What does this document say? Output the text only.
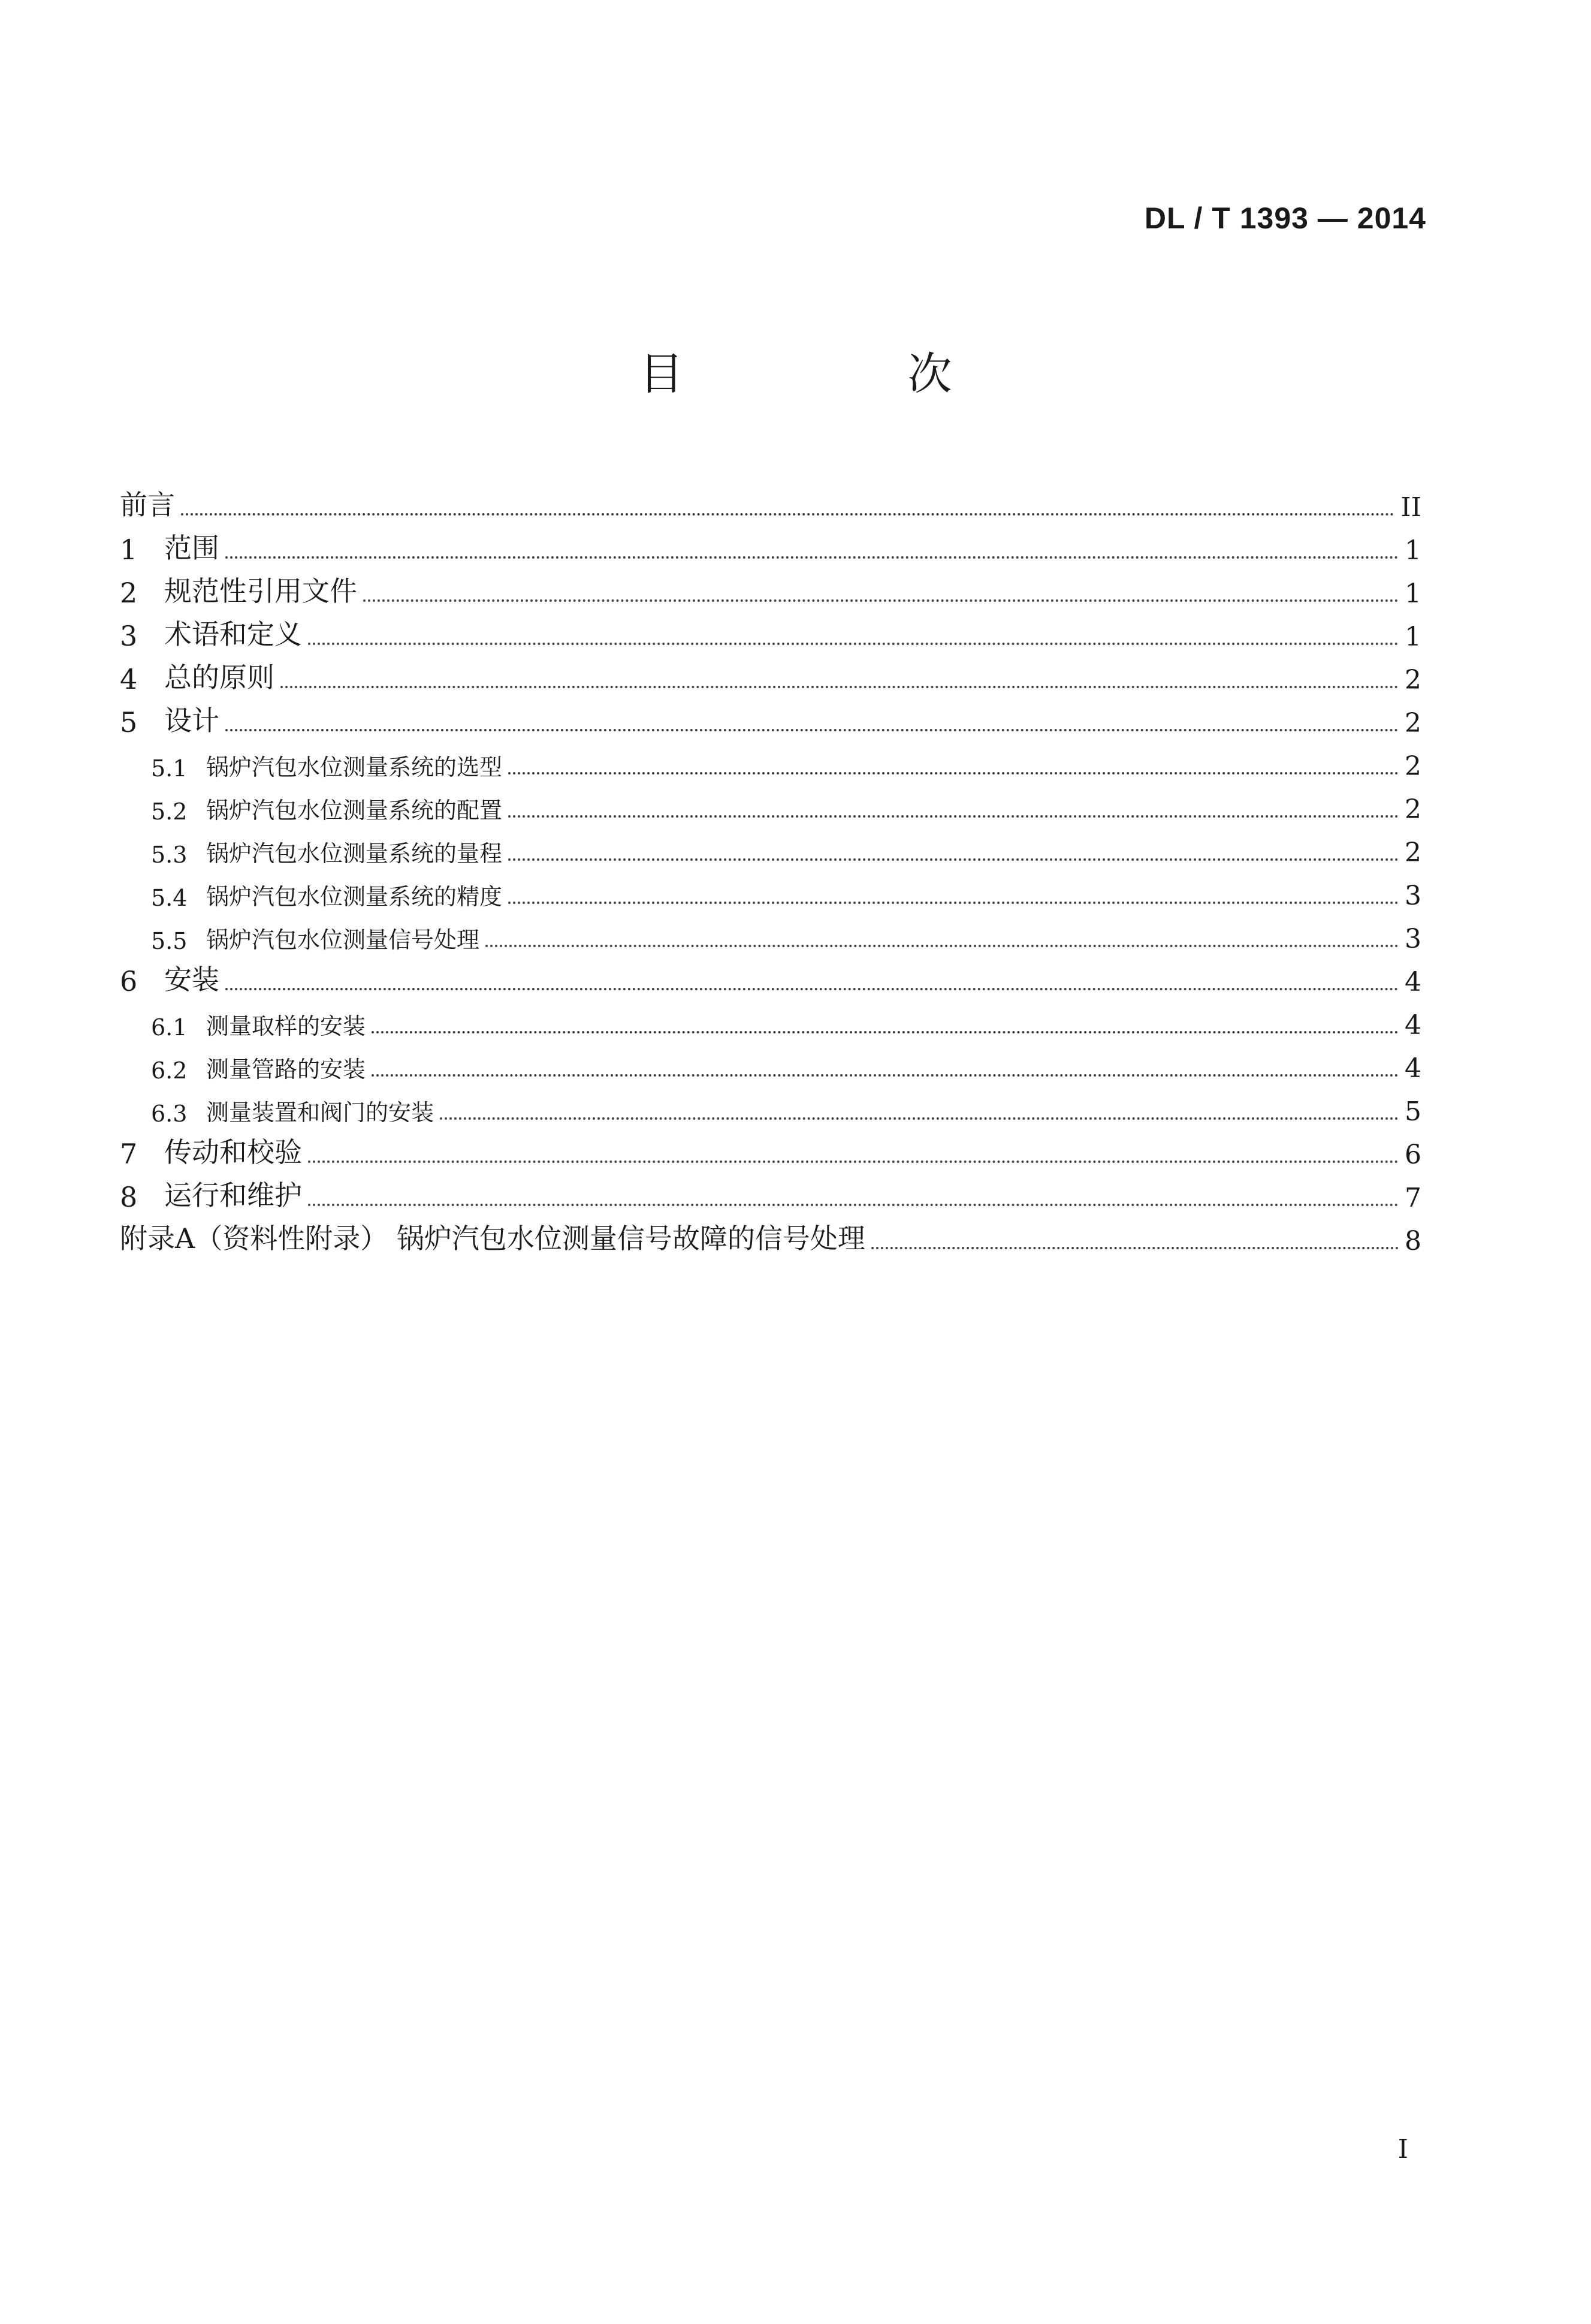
DL / T 1393 — 2014
目　次
前言	II
1 范围	1
2 规范性引用文件	1
3 术语和定义	1
4 总的原则	2
5 设计	2
5.1 锅炉汽包水位测量系统的选型	2
5.2 锅炉汽包水位测量系统的配置	2
5.3 锅炉汽包水位测量系统的量程	2
5.4 锅炉汽包水位测量系统的精度	3
5.5 锅炉汽包水位测量信号处理	3
6 安装	4
6.1 测量取样的安装	4
6.2 测量管路的安装	4
6.3 测量装置和阀门的安装	5
7 传动和校验	6
8 运行和维护	7
附录A（资料性附录） 锅炉汽包水位测量信号故障的信号处理	8
I
